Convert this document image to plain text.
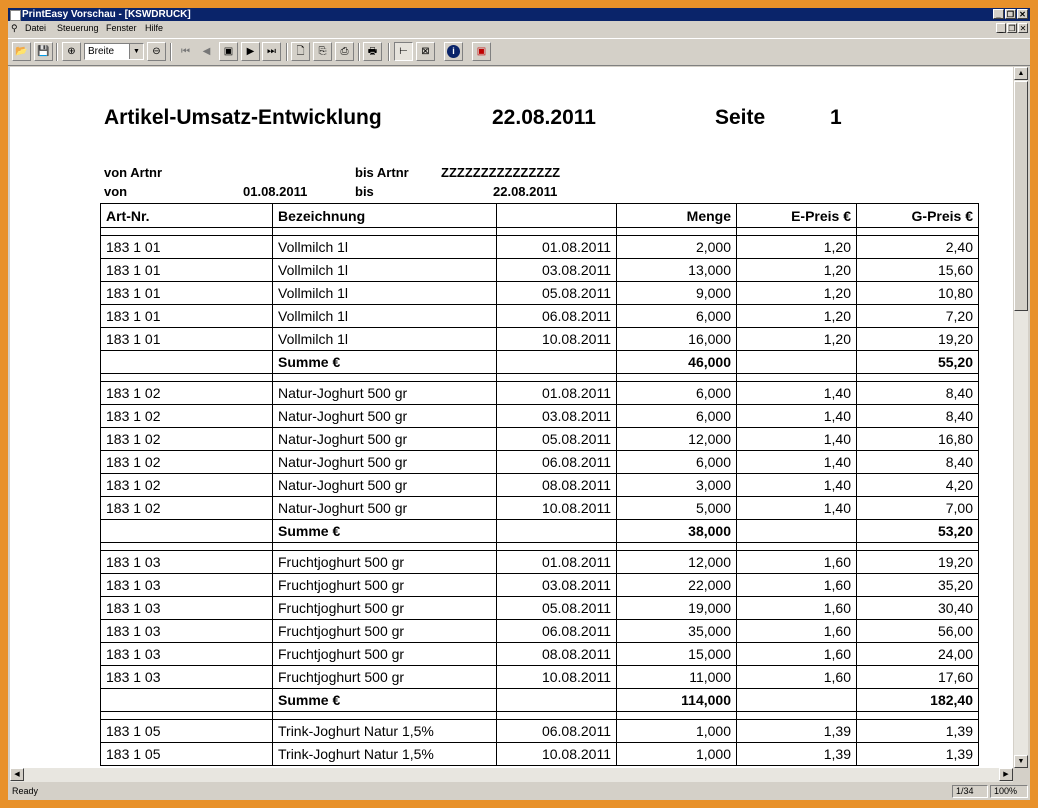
PrintEasy Vorschau - [KSWDRUCK]	_ ❐ ✕
⚲ Datei Steuerung Fenster Hilfe	_ ❐ ✕
📂 💾	⊕	Breite	▼	⊖	⏮	◀	▣	▶	⏭	🗋	⎘	⎙	🖶	⊢	⊠	i	▣
Artikel-Umsatz-Entwicklung	22.08.2011	Seite	1
von Artnr	bis Artnr ZZZZZZZZZZZZZZZ
von	01.08.2011	bis	22.08.2011
Art-Nr.	Bezeichnung		Menge	E-Preis €	G-Preis €

183 1 01	Vollmilch 1l	01.08.2011	2,000	1,20	2,40
183 1 01	Vollmilch 1l	03.08.2011	13,000	1,20	15,60
183 1 01	Vollmilch 1l	05.08.2011	9,000	1,20	10,80
183 1 01	Vollmilch 1l	06.08.2011	6,000	1,20	7,20
183 1 01	Vollmilch 1l	10.08.2011	16,000	1,20	19,20
	Summe €		46,000		55,20

183 1 02	Natur-Joghurt 500 gr	01.08.2011	6,000	1,40	8,40
183 1 02	Natur-Joghurt 500 gr	03.08.2011	6,000	1,40	8,40
183 1 02	Natur-Joghurt 500 gr	05.08.2011	12,000	1,40	16,80
183 1 02	Natur-Joghurt 500 gr	06.08.2011	6,000	1,40	8,40
183 1 02	Natur-Joghurt 500 gr	08.08.2011	3,000	1,40	4,20
183 1 02	Natur-Joghurt 500 gr	10.08.2011	5,000	1,40	7,00
	Summe €		38,000		53,20

183 1 03	Fruchtjoghurt 500 gr	01.08.2011	12,000	1,60	19,20
183 1 03	Fruchtjoghurt 500 gr	03.08.2011	22,000	1,60	35,20
183 1 03	Fruchtjoghurt 500 gr	05.08.2011	19,000	1,60	30,40
183 1 03	Fruchtjoghurt 500 gr	06.08.2011	35,000	1,60	56,00
183 1 03	Fruchtjoghurt 500 gr	08.08.2011	15,000	1,60	24,00
183 1 03	Fruchtjoghurt 500 gr	10.08.2011	11,000	1,60	17,60
	Summe €		114,000		182,40

183 1 05	Trink-Joghurt Natur 1,5%	06.08.2011	1,000	1,39	1,39
183 1 05	Trink-Joghurt Natur 1,5%	10.08.2011	1,000	1,39	1,39
▲
▼
◀	▶
Ready	1/34	100%
